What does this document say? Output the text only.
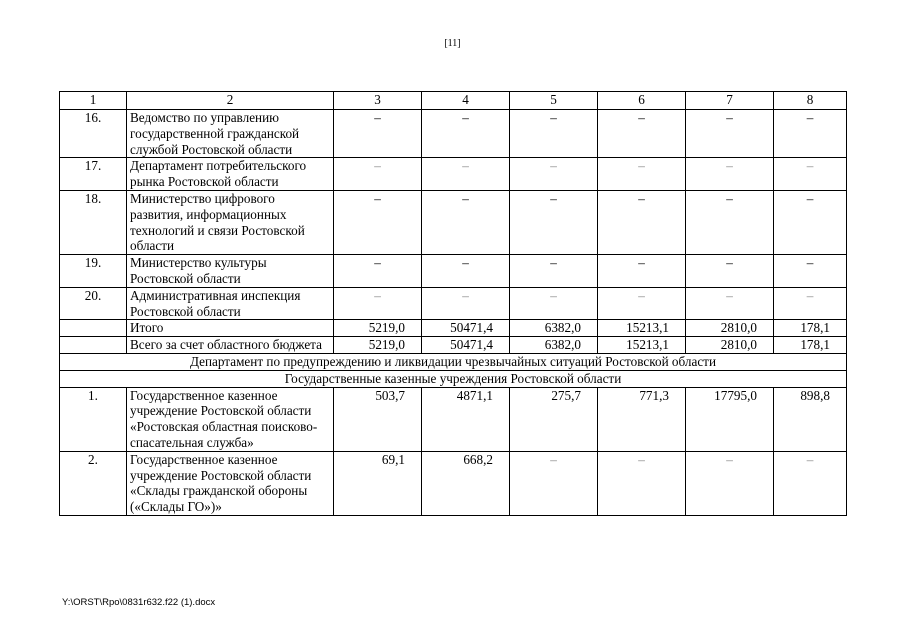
[11]
1	2	3	4	5	6	7	8
16.	Ведомство по управлению государственной гражданской службой Ростовской области	–	–	–	–	–	–
17.	Департамент потребительского рынка Ростовской области	–	–	–	–	–	–
18.	Министерство цифрового развития, информационных технологий и связи Ростовской области	–	–	–	–	–	–
19.	Министерство культуры Ростовской области	–	–	–	–	–	–
20.	Административная инспекция Ростовской области	–	–	–	–	–	–
	Итого	5219,0	50471,4	6382,0	15213,1	2810,0	178,1
	Всего за счет областного бюджета	5219,0	50471,4	6382,0	15213,1	2810,0	178,1
Департамент по предупреждению и ликвидации чрезвычайных ситуаций Ростовской области							
Государственные казенные учреждения Ростовской области							
1.	Государственное казенное учреждение Ростовской области «Ростовская областная поисково-спасательная служба»	503,7	4871,1	275,7	771,3	17795,0	898,8
2.	Государственное казенное учреждение Ростовской области «Склады гражданской обороны («Склады ГО»)»	69,1	668,2	–	–	–	–
Y:\ORST\Rpo\0831r632.f22 (1).docx
